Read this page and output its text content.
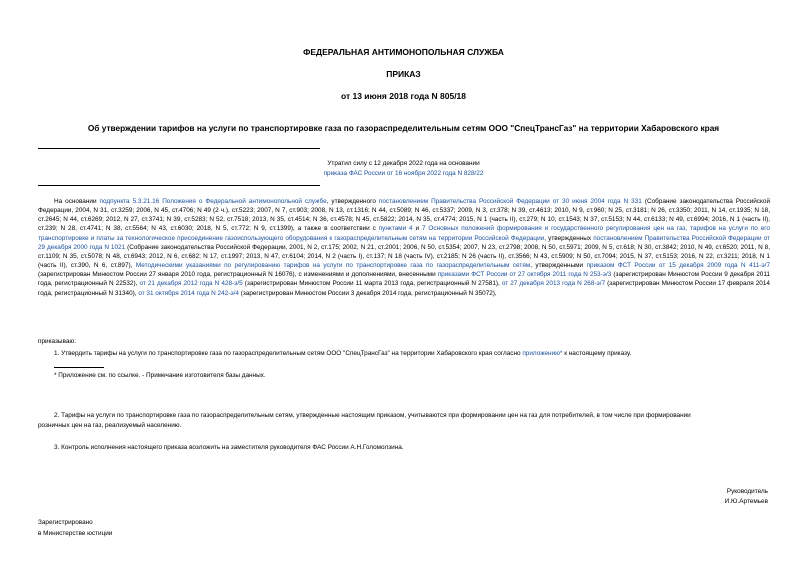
ФЕДЕРАЛЬНАЯ АНТИМОНОПОЛЬНАЯ СЛУЖБА
ПРИКАЗ
от 13 июня 2018 года N 805/18
Об утверждении тарифов на услуги по транспортировке газа по газораспределительным сетям ООО "СпецТрансГаз" на территории Хабаровского края
Утратил силу с 12 декабря 2022 года на основании
приказа ФАС России от 16 ноября 2022 года N 828/22
На основании подпункта 5.3.21.16 Положения о Федеральной антимонопольной службе, утвержденного постановлением Правительства Российской Федерации от 30 июня 2004 года N 331 (Собрание законодательства Российской Федерации, 2004, N 31, ст.3259; 2006, N 45, ст.4706; N 49 (2 ч.), ст.5223; 2007, N 7, ст.903; 2008, N 13, ст.1316; N 44, ст.5089; N 46, ст.5337; 2009, N 3, ст.378; N 39, ст.4613; 2010, N 9, ст.960; N 25, ст.3181; N 26, ст.3350; 2011, N 14, ст.1935; N 18, ст.2645; N 44, ст.6269; 2012, N 27, ст.3741; N 39, ст.5283; N 52, ст.7518; 2013, N 35, ст.4514; N 36, ст.4578; N 45, ст.5822; 2014, N 35, ст.4774; 2015, N 1 (часть II), ст.279; N 10, ст.1543; N 37, ст.5153; N 44, ст.6133; N 49, ст.6994; 2016, N 1 (часть II), ст.239; N 28, ст.4741; N 38, ст.5564; N 43, ст.6030; 2018, N 5, ст.772; N 9, ст.1399), а также в соответствии с пунктами 4 и 7 Основных положений формирования и государственного регулирования цен на газ, тарифов на услуги по его транспортировке и платы за технологическое присоединение газоиспользующего оборудования к газораспределительным сетям на территории Российской Федерации, утвержденных постановлением Правительства Российской Федерации от 29 декабря 2000 года N 1021 (Собрание законодательства Российской Федерации, 2001, N 2, ст.175; 2002, N 21, ст.2001; 2006, N 50, ст.5354; 2007, N 23, ст.2798; 2008, N 50, ст.5971; 2009, N 5, ст.618; N 30, ст.3842; 2010, N 49, ст.6520; 2011, N 8, ст.1109; N 35, ст.5078; N 48, ст.6943; 2012, N 6, ст.682; N 17, ст.1997; 2013, N 47, ст.6104; 2014, N 2 (часть I), ст.137; N 18 (часть IV), ст.2185; N 26 (часть II), ст.3566; N 43, ст.5909; N 50, ст.7094; 2015, N 37, ст.5153; 2016, N 22, ст.3211; 2018, N 1 (часть II), ст.390, N 6, ст.897), Методическими указаниями по регулированию тарифов на услуги по транспортировке газа по газораспределительным сетям, утвержденными приказом ФСТ России от 15 декабря 2009 года N 411-э/7 (зарегистрирован Минюстом России 27 января 2010 года, регистрационный N 16076), с изменениями и дополнениями, внесенными приказами ФСТ России от 27 октября 2011 года N 253-э/3 (зарегистрирован Минюстом России 9 декабря 2011 года, регистрационный N 22532), от 21 декабря 2012 года N 428-э/5 (зарегистрирован Минюстом России 11 марта 2013 года, регистрационный N 27581), от 27 декабря 2013 года N 268-э/7 (зарегистрирован Минюстом России 17 февраля 2014 года, регистрационный N 31340), от 31 октября 2014 года N 242-э/4 (зарегистрирован Минюстом России 3 декабря 2014 года, регистрационный N 35072),
приказываю:
1. Утвердить тарифы на услуги по транспортировке газа по газораспределительным сетям ООО "СпецТрансГаз" на территории Хабаровского края согласно приложению* к настоящему приказу.
* Приложение см. по ссылке. - Примечание изготовителя базы данных.
2. Тарифы на услуги по транспортировке газа по газораспределительным сетям, утвержденные настоящим приказом, учитываются при формировании цен на газ для потребителей, в том числе при формировании
розничных цен на газ, реализуемый населению.
3. Контроль исполнения настоящего приказа возложить на заместителя руководителя ФАС России А.Н.Голомолзина.
Руководитель
И.Ю.Артемьев
Зарегистрировано
в Министерстве юстиции
